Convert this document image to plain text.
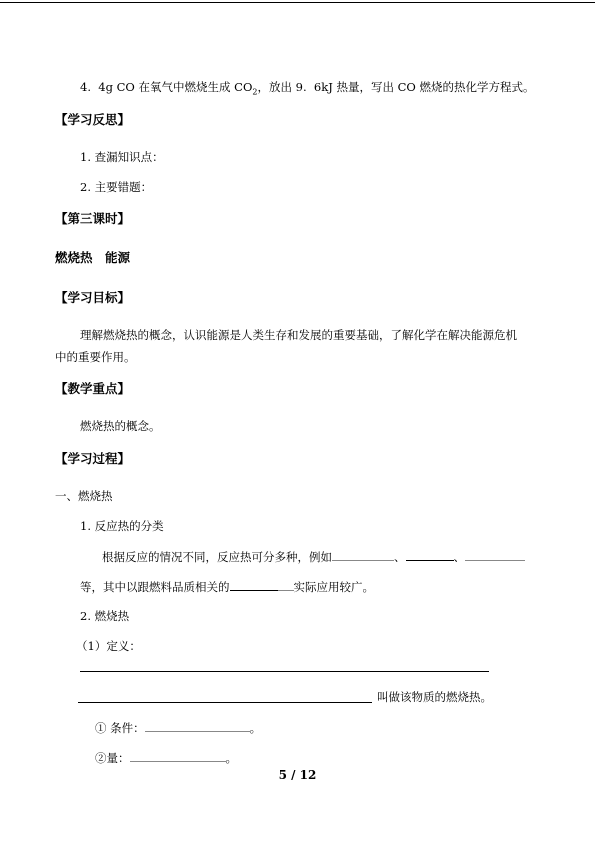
4.  4g CO 在氧气中燃烧生成 $CO_2$，放出 9.  6kJ 热量，写出 CO 燃烧的热化学方程式。
【学习反思】
1. 查漏知识点：
2. 主要错题：
【第三课时】
燃烧热　能源
【学习目标】
理解燃烧热的概念，认识能源是人类生存和发展的重要基础，了解化学在解决能源危机
中的重要作用。
【教学重点】
燃烧热的概念。
【学习过程】
一、燃烧热
1. 反应热的分类
根据反应的情况不同，反应热可分多种，例如	、	、
等，其中以跟燃料品质相关的	实际应用较广。
2. 燃烧热
（1）定义：
叫做该物质的燃烧热。
① 条件：	。
②量：	。
5 / 12
